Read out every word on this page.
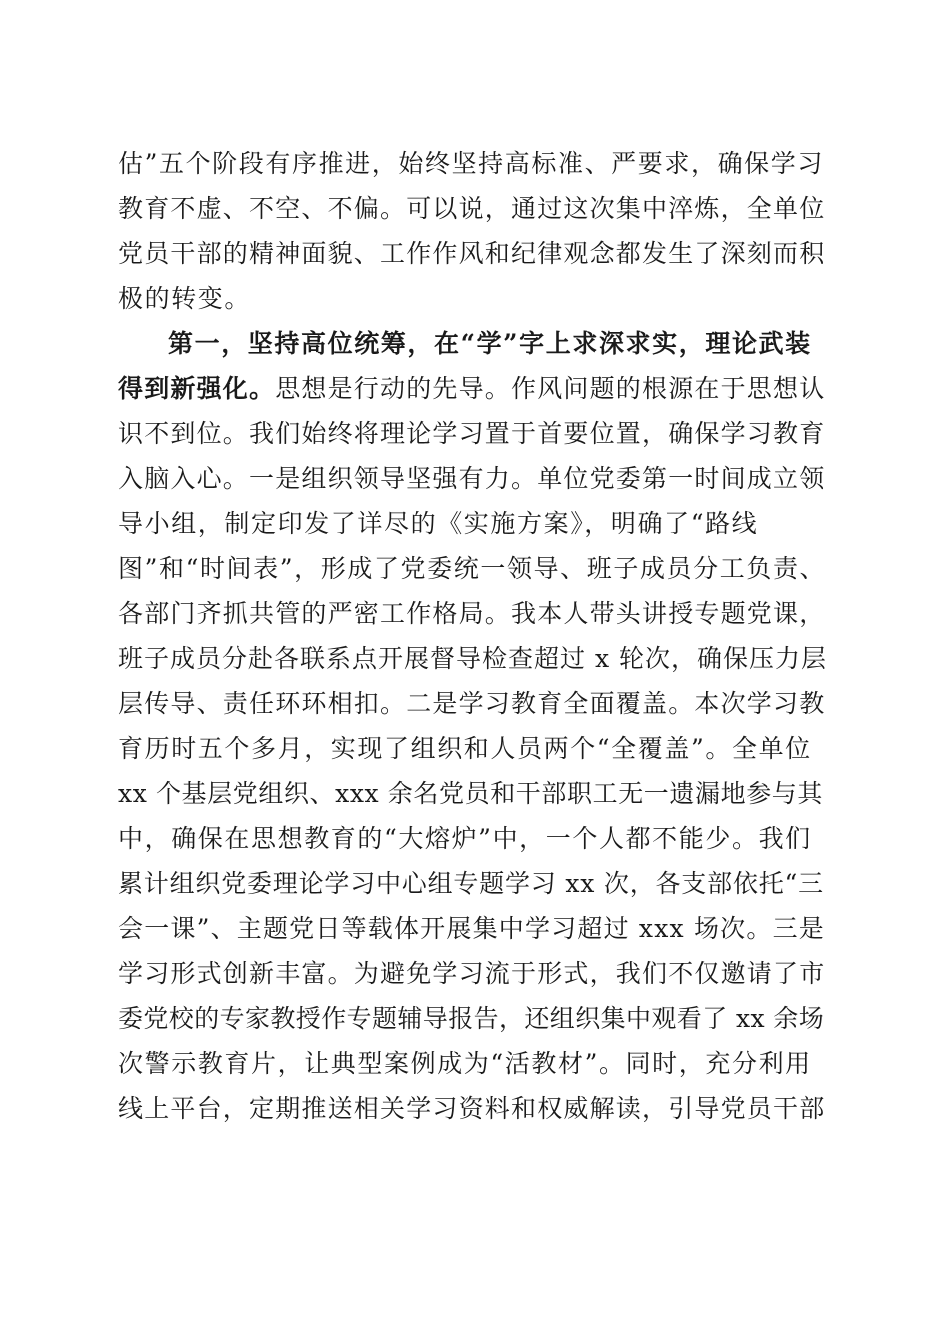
估”五个阶段有序推进，始终坚持高标准、严要求，确保学习
教育不虚、不空、不偏。可以说，通过这次集中淬炼，全单位
党员干部的精神面貌、工作作风和纪律观念都发生了深刻而积
极的转变。
第一，坚持高位统筹，在“学”字上求深求实，理论武装
得到新强化。思想是行动的先导。作风问题的根源在于思想认
识不到位。我们始终将理论学习置于首要位置，确保学习教育
入脑入心。一是组织领导坚强有力。单位党委第一时间成立领
导小组，制定印发了详尽的《实施方案》，明确了“路线
图”和“时间表”，形成了党委统一领导、班子成员分工负责、
各部门齐抓共管的严密工作格局。我本人带头讲授专题党课，
班子成员分赴各联系点开展督导检查超过 x 轮次，确保压力层
层传导、责任环环相扣。二是学习教育全面覆盖。本次学习教
育历时五个多月，实现了组织和人员两个“全覆盖”。全单位
xx 个基层党组织、xxx 余名党员和干部职工无一遗漏地参与其
中，确保在思想教育的“大熔炉”中，一个人都不能少。我们
累计组织党委理论学习中心组专题学习 xx 次，各支部依托“三
会一课”、主题党日等载体开展集中学习超过 xxx 场次。三是
学习形式创新丰富。为避免学习流于形式，我们不仅邀请了市
委党校的专家教授作专题辅导报告，还组织集中观看了 xx 余场
次警示教育片，让典型案例成为“活教材”。同时，充分利用
线上平台，定期推送相关学习资料和权威解读，引导党员干部
